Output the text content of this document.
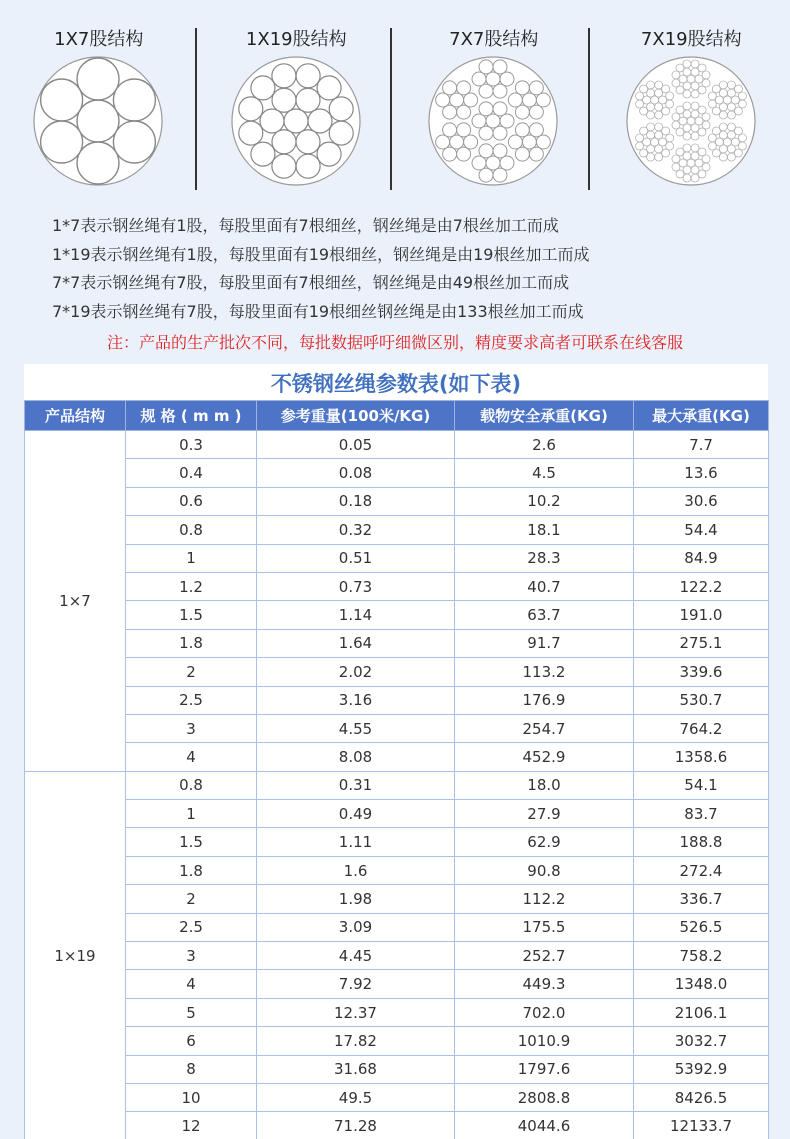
1X7股结构	1X19股结构	7X7股结构	7X19股结构
1*7表示钢丝绳有1股，每股里面有7根细丝，钢丝绳是由7根丝加工而成
1*19表示钢丝绳有1股，每股里面有19根细丝，钢丝绳是由19根丝加工而成
7*7表示钢丝绳有7股，每股里面有7根细丝，钢丝绳是由49根丝加工而成
7*19表示钢丝绳有7股，每股里面有19根细丝钢丝绳是由133根丝加工而成
注：产品的生产批次不同，每批数据呼吁细微区别，精度要求高者可联系在线客服
不锈钢丝绳参数表(如下表)
产品结构	规 格 ( m m )	参考重量(100米/KG)	载物安全承重(KG)	最大承重(KG)
1×7	0.3	0.05	2.6	7.7
	0.4	0.08	4.5	13.6
	0.6	0.18	10.2	30.6
	0.8	0.32	18.1	54.4
	1	0.51	28.3	84.9
	1.2	0.73	40.7	122.2
	1.5	1.14	63.7	191.0
	1.8	1.64	91.7	275.1
	2	2.02	113.2	339.6
	2.5	3.16	176.9	530.7
	3	4.55	254.7	764.2
	4	8.08	452.9	1358.6
1×19	0.8	0.31	18.0	54.1
	1	0.49	27.9	83.7
	1.5	1.11	62.9	188.8
	1.8	1.6	90.8	272.4
	2	1.98	112.2	336.7
	2.5	3.09	175.5	526.5
	3	4.45	252.7	758.2
	4	7.92	449.3	1348.0
	5	12.37	702.0	2106.1
	6	17.82	1010.9	3032.7
	8	31.68	1797.6	5392.9
	10	49.5	2808.8	8426.5
	12	71.28	4044.6	12133.7
